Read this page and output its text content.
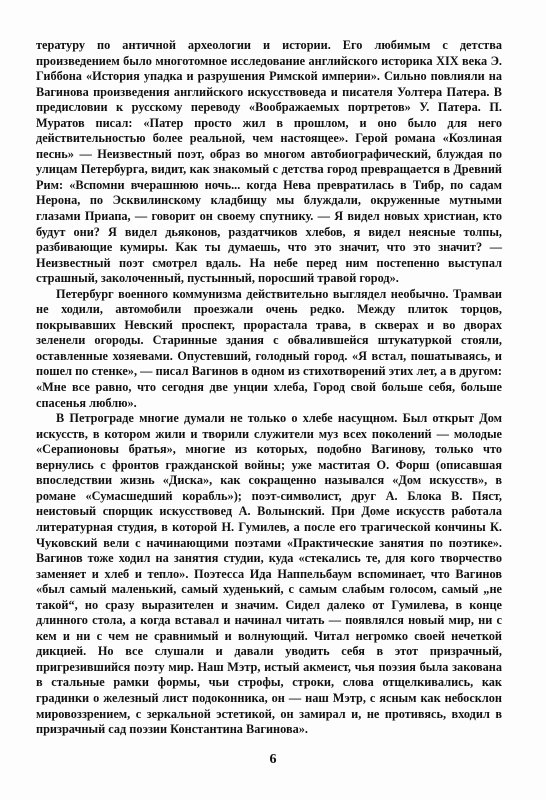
тературу по античной археологии и истории. Его любимым с детства произведением было многотомное исследование английского историка XIX века Э. Гиббона «История упадка и разрушения Римской империи». Сильно повлияли на Вагинова произведения английского искусствоведа и писателя Уолтера Патера. В предисловии к русскому переводу «Воображаемых портретов» У. Патера. П. Муратов писал: «Патер просто жил в прошлом, и оно было для него действительностью более реальной, чем настоящее». Герой романа «Козлиная песнь» — Неизвестный поэт, образ во многом автобиографический, блуждая по улицам Петербурга, видит, как знакомый с детства город превращается в Древний Рим: «Вспомни вчерашнюю ночь... когда Нева превратилась в Тибр, по садам Нерона, по Эсквилинскому кладбищу мы блуждали, окруженные мутными глазами Приапа, — говорит он своему спутнику. — Я видел новых христиан, кто будут они? Я видел дьяконов, раздатчиков хлебов, я видел неясные толпы, разбивающие кумиры. Как ты думаешь, что это значит, что это значит? — Неизвестный поэт смотрел вдаль. На небе перед ним постепенно выступал страшный, заколоченный, пустынный, поросший травой город».

Петербург военного коммунизма действительно выглядел необычно. Трамваи не ходили, автомобили проезжали очень редко. Между плиток торцов, покрывавших Невский проспект, прорастала трава, в скверах и во дворах зеленели огороды. Старинные здания с обвалившейся штукатуркой стояли, оставленные хозяевами. Опустевший, голодный город. «Я встал, пошатываясь, и пошел по стенке», — писал Вагинов в одном из стихотворений этих лет, а в другом: «Мне все равно, что сегодня две унции хлеба, Город свой больше себя, больше спасенья люблю».

В Петрограде многие думали не только о хлебе насущном. Был открыт Дом искусств, в котором жили и творили служители муз всех поколений — молодые «Серапионовы братья», многие из которых, подобно Вагинову, только что вернулись с фронтов гражданской войны; уже маститая О. Форш (описавшая впоследствии жизнь «Диска», как сокращенно назывался «Дом искусств», в романе «Сумасшедший корабль»); поэт-символист, друг А. Блока В. Пяст, неистовый спорщик искусствовед А. Волынский. При Доме искусств работала литературная студия, в которой Н. Гумилев, а после его трагической кончины К. Чуковский вели с начинающими поэтами «Практические занятия по поэтике». Вагинов тоже ходил на занятия студии, куда «стекались те, для кого творчество заменяет и хлеб и тепло». Поэтесса Ида Наппельбаум вспоминает, что Вагинов «был самый маленький, самый худенький, с самым слабым голосом, самый „не такой“, но сразу выразителен и значим. Сидел далеко от Гумилева, в конце длинного стола, а когда вставал и начинал читать — появлялся новый мир, ни с кем и ни с чем не сравнимый и волнующий. Читал негромко своей нечеткой дикцией. Но все слушали и давали уводить себя в этот призрачный, пригрезившийся поэту мир. Наш Мэтр, истый акмеист, чья поэзия была закована в стальные рамки формы, чьи строфы, строки, слова отщелкивались, как градинки о железный лист подоконника, он — наш Мэтр, с ясным как небосклон мировоззрением, с зеркальной эстетикой, он замирал и, не противясь, входил в призрачный сад поэзии Константина Вагинова».

6
